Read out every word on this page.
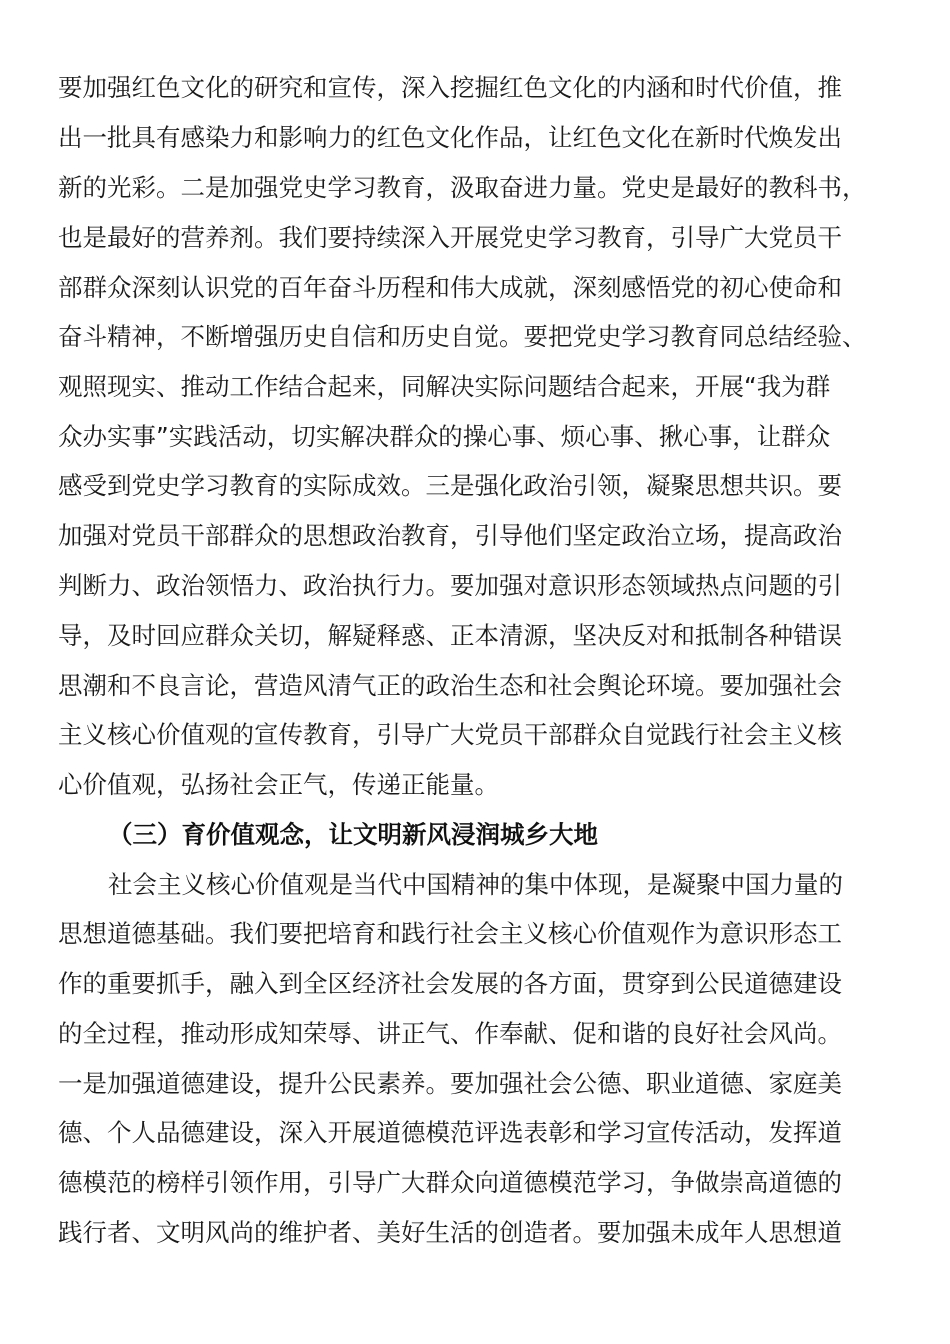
要加强红色文化的研究和宣传，深入挖掘红色文化的内涵和时代价值，推
出一批具有感染力和影响力的红色文化作品，让红色文化在新时代焕发出
新的光彩。二是加强党史学习教育，汲取奋进力量。党史是最好的教科书，
也是最好的营养剂。我们要持续深入开展党史学习教育，引导广大党员干
部群众深刻认识党的百年奋斗历程和伟大成就，深刻感悟党的初心使命和
奋斗精神，不断增强历史自信和历史自觉。要把党史学习教育同总结经验、
观照现实、推动工作结合起来，同解决实际问题结合起来，开展“我为群
众办实事”实践活动，切实解决群众的操心事、烦心事、揪心事，让群众
感受到党史学习教育的实际成效。三是强化政治引领，凝聚思想共识。要
加强对党员干部群众的思想政治教育，引导他们坚定政治立场，提高政治
判断力、政治领悟力、政治执行力。要加强对意识形态领域热点问题的引
导，及时回应群众关切，解疑释惑、正本清源，坚决反对和抵制各种错误
思潮和不良言论，营造风清气正的政治生态和社会舆论环境。要加强社会
主义核心价值观的宣传教育，引导广大党员干部群众自觉践行社会主义核
心价值观，弘扬社会正气，传递正能量。
（三）育价值观念，让文明新风浸润城乡大地
社会主义核心价值观是当代中国精神的集中体现，是凝聚中国力量的
思想道德基础。我们要把培育和践行社会主义核心价值观作为意识形态工
作的重要抓手，融入到全区经济社会发展的各方面，贯穿到公民道德建设
的全过程，推动形成知荣辱、讲正气、作奉献、促和谐的良好社会风尚。
一是加强道德建设，提升公民素养。要加强社会公德、职业道德、家庭美
德、个人品德建设，深入开展道德模范评选表彰和学习宣传活动，发挥道
德模范的榜样引领作用，引导广大群众向道德模范学习，争做崇高道德的
践行者、文明风尚的维护者、美好生活的创造者。要加强未成年人思想道
